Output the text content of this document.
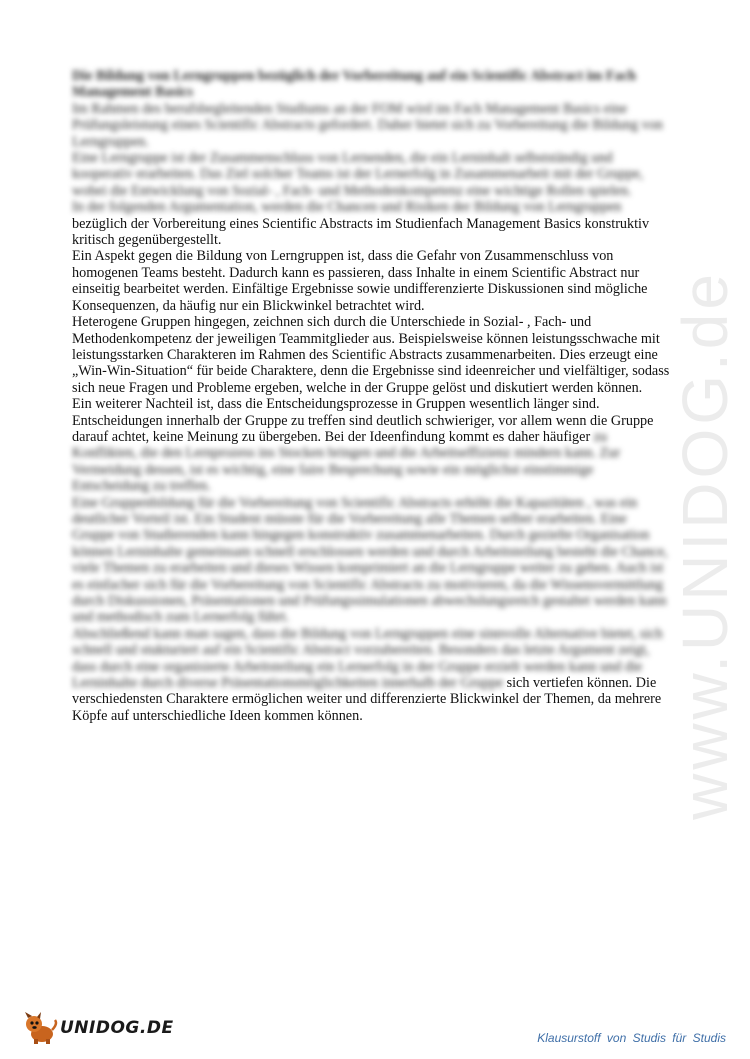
Die Bildung von Lerngruppen bezüglich der Vorbereitung auf ein Scientific Abstract im Fach Management Basics

Im Rahmen des berufsbegleitenden Studiums an der FOM wird im Fach Management Basics eine Prüfungsleistung eines Scientific Abstracts gefordert. Daher bietet sich zu Vorbereitung die Bildung von Lerngruppen.

Eine Lerngruppe ist der Zusammenschluss von Lernenden, die ein Lerninhalt selbstständig und kooperativ erarbeiten. Das Ziel solcher Teams ist der Lernerfolg in Zusammenarbeit mit der Gruppe, wobei die Entwicklung von Sozial- , Fach- und Methodenkompetenz eine wichtige Rollen spielen.

In der folgenden Argumentation, werden die Chancen und Risiken der Bildung von Lerngruppen bezüglich der Vorbereitung eines Scientific Abstracts im Studienfach Management Basics konstruktiv kritisch gegenübergestellt.

Ein Aspekt gegen die Bildung von Lerngruppen ist, dass die Gefahr von Zusammenschluss von homogenen Teams besteht. Dadurch kann es passieren, dass Inhalte in einem Scientific Abstract nur einseitig bearbeitet werden. Einfältige Ergebnisse sowie undifferenzierte Diskussionen sind mögliche Konsequenzen, da häufig nur ein Blickwinkel betrachtet wird.

Heterogene Gruppen hingegen, zeichnen sich durch die Unterschiede in Sozial- , Fach- und Methodenkompetenz der jeweiligen Teammitglieder aus. Beispielsweise können leistungsschwache mit leistungsstarken Charakteren im Rahmen des Scientific Abstracts zusammenarbeiten. Dies erzeugt eine „Win-Win-Situation“ für beide Charaktere, denn die Ergebnisse sind ideenreicher und vielfältiger, sodass sich neue Fragen und Probleme ergeben, welche in der Gruppe gelöst und diskutiert werden können.

Ein weiterer Nachteil ist, dass die Entscheidungsprozesse in Gruppen wesentlich länger sind. Entscheidungen innerhalb der Gruppe zu treffen sind deutlich schwieriger, vor allem wenn die Gruppe darauf achtet, keine Meinung zu übergeben. Bei der Ideenfindung kommt es daher häufiger zu Konflikten, die den Lernprozess ins Stocken bringen und die Arbeitseffizienz mindern kann. Zur Vermeidung dessen, ist es wichtig, eine faire Besprechung sowie ein möglichst einstimmige Entscheidung zu treffen.

Eine Gruppenbildung für die Vorbereitung von Scientific Abstracts erhöht die Kapazitäten , was ein deutlicher Vorteil ist. Ein Student müsste für die Vorbereitung alle Themen selber erarbeiten. Eine Gruppe von Studierenden kann hingegen konstruktiv zusammenarbeiten. Durch gezielte Organisation können Lerninhalte gemeinsam schnell erschlossen werden und durch Arbeitsteilung besteht die Chance, viele Themen zu erarbeiten und dieses Wissen komprimiert an die Lerngruppe weiter zu geben. Auch ist es einfacher sich für die Vorbereitung von Scientific Abstracts zu motivieren, da die Wissensvermittlung durch Diskussionen, Präsentationen und Prüfungssimulationen abwechslungsreich gestaltet werden kann und methodisch zum Lernerfolg führt.

Abschließend kann man sagen, dass die Bildung von Lerngruppen eine sinnvolle Alternative bietet, sich schnell und stukturiert auf ein Scientific Abstract vorzubereiten. Besonders das letzte Argument zeigt, dass durch eine organisierte Arbeitsteilung ein Lernerfolg in der Gruppe erzielt werden kann und die Lerninhalte durch diverse Präsentationsmöglichkeiten innerhalb der Gruppe sich vertiefen können. Die verschiedensten Charaktere ermöglichen weiter und differenzierte Blickwinkel der Themen, da mehrere Köpfe auf unterschiedliche Ideen kommen können.	www.UNIDOG.de
UNIDOG.DE	Klausurstoff von Studis für Studis
